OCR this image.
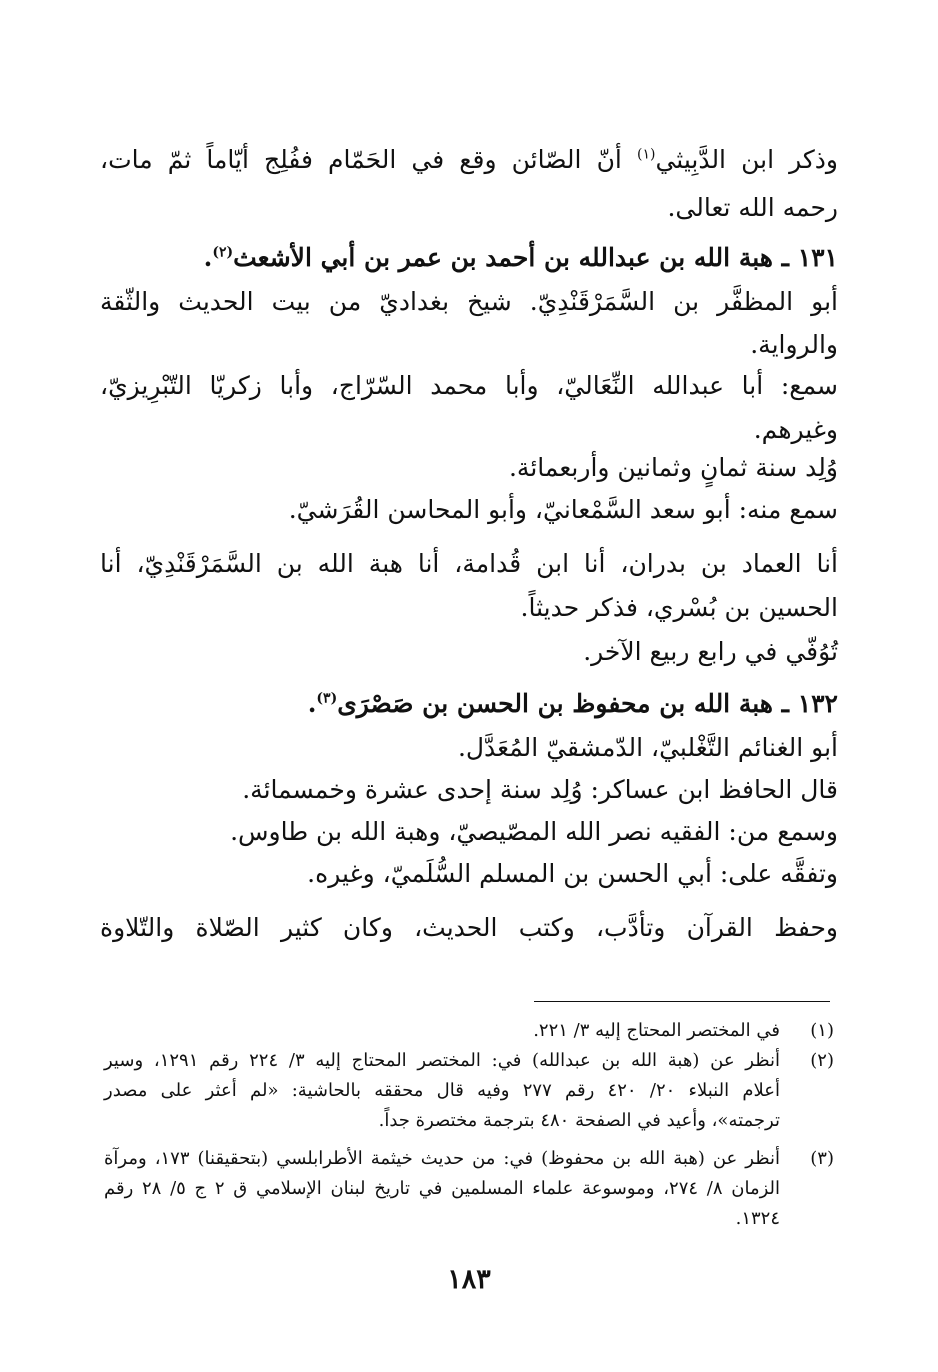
وذكر ابن الدَّبِيثي$^{(١)}$ أنّ الصّائن وقع في الحَمّام ففُلِج أيّاماً ثمّ مات،
رحمه الله تعالى.
١٣١ ـ هبة الله بن عبدالله بن أحمد بن عمر بن أبي الأشعث$^{(٢)}$.
أبو المظفَّر بن السَّمَرْقَنْدِيّ. شيخ بغداديّ من بيت الحديث والثّقة
والرواية.
سمع: أبا عبدالله النِّعَاليّ، وأبا محمد السّرّاج، وأبا زكريّا التّبْرِيزيّ،
وغيرهم.
وُلِد سنة ثمانٍ وثمانين وأربعمائة.
سمع منه: أبو سعد السَّمْعانيّ، وأبو المحاسن القُرَشيّ.
أنا العماد بن بدران، أنا ابن قُدامة، أنا هبة الله بن السَّمَرْقَنْدِيّ، أنا
الحسين بن بُسْري، فذكر حديثاً.
تُوُفّي في رابع ربيع الآخر.
١٣٢ ـ هبة الله بن محفوظ بن الحسن بن صَصْرَى$^{(٣)}$.
أبو الغنائم التَّغْلبيّ، الدّمشقيّ المُعَدَّل.
قال الحافظ ابن عساكر: وُلِد سنة إحدى عشرة وخمسمائة.
وسمع من: الفقيه نصر الله المصّيصيّ، وهبة الله بن طاوس.
وتفقَّه على: أبي الحسن بن المسلم السُّلَميّ، وغيره.
وحفظ القرآن وتأدَّب، وكتب الحديث، وكان كثير الصّلاة والتّلاوة
(١)
في المختصر المحتاج إليه ٣/ ٢٢١.
(٢)
أنظر عن (هبة الله بن عبدالله) في: المختصر المحتاج إليه ٣/ ٢٢٤ رقم ١٢٩١، وسير
أعلام النبلاء ٢٠/ ٤٢٠ رقم ٢٧٧ وفيه قال محققه بالحاشية: «لم أعثر على مصدر
ترجمته»، وأعيد في الصفحة ٤٨٠ بترجمة مختصرة جداً.
(٣)
أنظر عن (هبة الله بن محفوظ) في: من حديث خيثمة الأطرابلسي (بتحقيقنا) ١٧٣، ومرآة
الزمان ٨/ ٢٧٤، وموسوعة علماء المسلمين في تاريخ لبنان الإسلامي ق ٢ ج ٥/ ٢٨ رقم
١٣٢٤.
١٨٣
